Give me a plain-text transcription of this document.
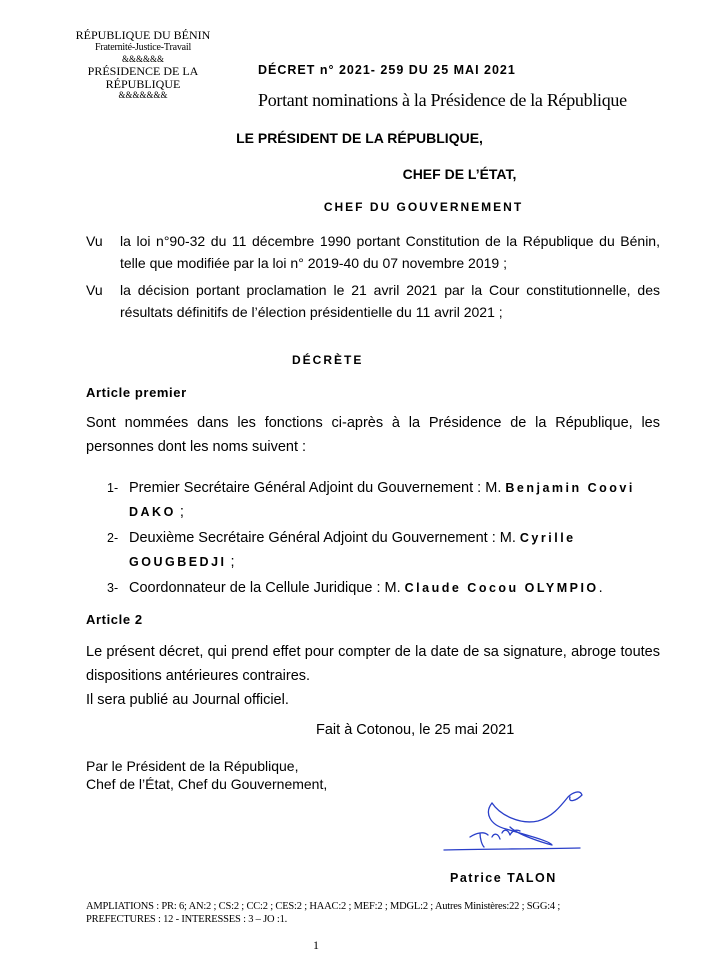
RÉPUBLIQUE DU BÉNIN
Fraternité-Justice-Travail
&&&&&&
PRÉSIDENCE DE LA RÉPUBLIQUE
&&&&&&&
DÉCRET n° 2021- 259 DU 25 MAI 2021
Portant nominations à la Présidence de la République
LE PRÉSIDENT DE LA RÉPUBLIQUE,
CHEF DE L’ÉTAT,
CHEF DU GOUVERNEMENT
Vu la loi n°90-32 du 11 décembre 1990 portant Constitution de la République du Bénin, telle que modifiée par la loi n° 2019-40 du 07 novembre 2019 ;
Vu la décision portant proclamation le 21 avril 2021 par la Cour constitutionnelle, des résultats définitifs de l’élection présidentielle du 11 avril 2021 ;
DÉCRÈTE
Article premier
Sont nommées dans les fonctions ci-après à la Présidence de la République, les personnes dont les noms suivent :
1- Premier Secrétaire Général Adjoint du Gouvernement : M. Benjamin Coovi DAKO ;
2- Deuxième Secrétaire Général Adjoint du Gouvernement : M. Cyrille GOUGBEDJI ;
3- Coordonnateur de la Cellule Juridique : M. Claude Cocou OLYMPIO.
Article 2
Le présent décret, qui prend effet pour compter de la date de sa signature, abroge toutes dispositions antérieures contraires.
Il sera publié au Journal officiel.
Fait à Cotonou, le 25 mai 2021
Par le Président de la République,
Chef de l’État, Chef du Gouvernement,
Patrice TALON
AMPLIATIONS : PR: 6; AN:2 ; CS:2 ; CC:2 ; CES:2 ; HAAC:2 ; MEF:2 ; MDGL:2 ; Autres Ministères:22 ; SGG:4 ;
PREFECTURES : 12 - INTERESSES : 3 – JO :1.
1
